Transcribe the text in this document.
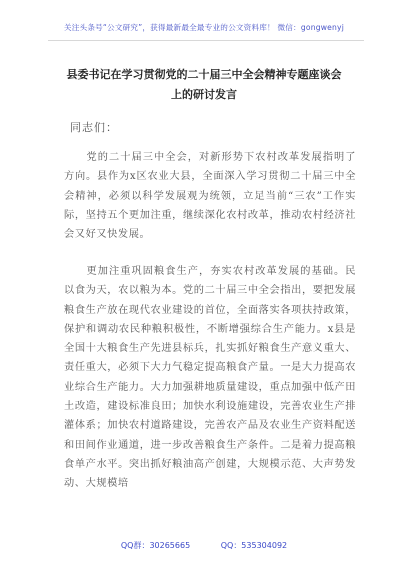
关注头条号“公文研究”，获得最新最全最专业的公文资料库！ 微信：gongwenyj
县委书记在学习贯彻党的二十届三中全会精神专题座谈会
上的研讨发言
同志们：

党的二十届三中全会，对新形势下农村改革发展指明了方向。县作为x区农业大县，全面深入学习贯彻二十届三中全会精神，必须以科学发展观为统领，立足当前“三农”工作实际，坚持五个更加注重，继续深化农村改革，推动农村经济社会又好又快发展。

更加注重巩固粮食生产，夯实农村改革发展的基础。民以食为天，农以粮为本。党的二十届三中全会指出，要把发展粮食生产放在现代农业建设的首位，全面落实各项扶持政策，保护和调动农民种粮积极性，不断增强综合生产能力。x县是全国十大粮食生产先进县标兵，扎实抓好粮食生产意义重大、责任重大，必须下大力气稳定提高粮食产量。一是大力提高农业综合生产能力。大力加强耕地质量建设，重点加强中低产田土改造，建设标准良田；加快水利设施建设，完善农业生产排灌体系；加快农村道路建设，完善农产品及农业生产资料配送和田间作业通道，进一步改善粮食生产条件。二是着力提高粮食单产水平。突出抓好粮油高产创建，大规模示范、大声势发动、大规模培

QQ群：30265665	QQ：535304092
